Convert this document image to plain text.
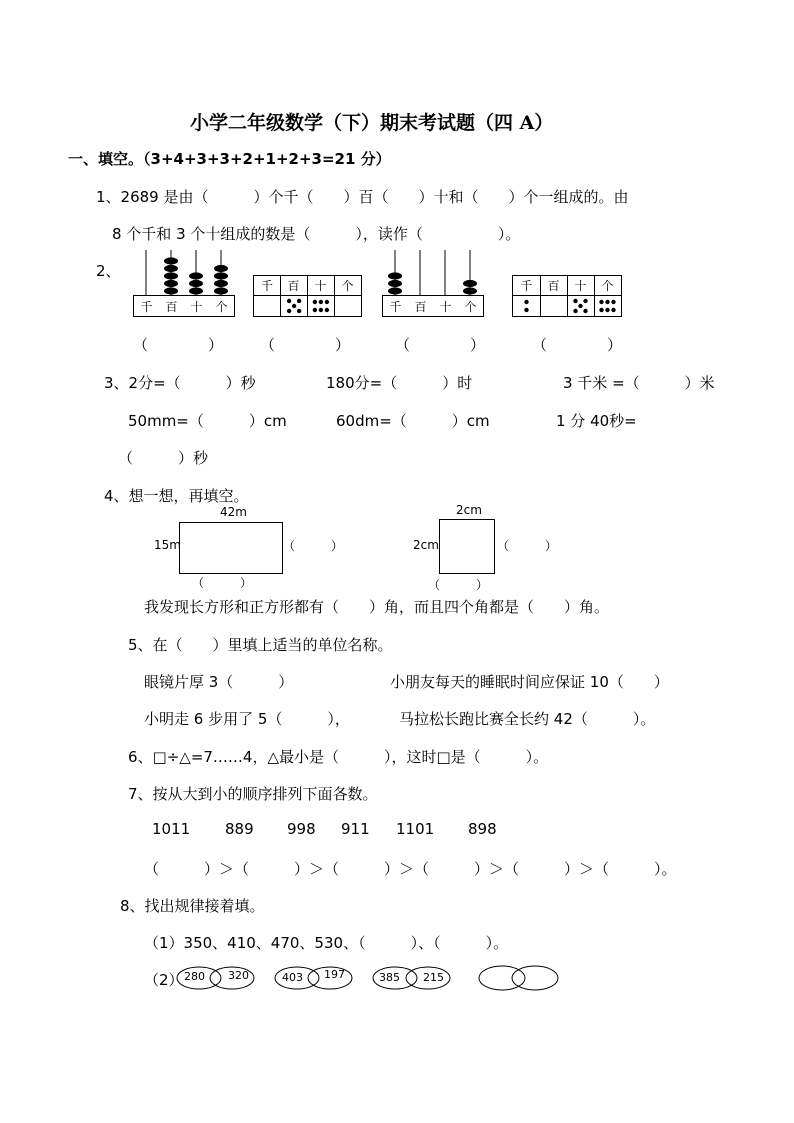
小学二年级数学（下）期末考试题（四 A）
一、填空。（3+4+3+3+2+1+2+3=21 分）
1、2689 是由（　　　）个千（　　）百（　　）十和（　　）个一组成的。由
8 个千和 3 个十组成的数是（　　　），读作（　　　　　）。
2、
千	百	十	个
千	百	十	个
千	百	十	个
千	百	十	个
（　　　　） （　　　　）	（　　　　）	（　　　　）
3、2分=（　　　）秒	180分=（　　　）时	3 千米 =（　　　）米
50mm=（　　　）cm	60dm=（　　　）cm	1 分 40秒=
（　　　）秒
4、想一想，再填空。
42m
15m	（　　　）
（　　　）
2cm
2cm	（　　　）
（　　　）
我发现长方形和正方形都有（　　）角，而且四个角都是（　　）角。
5、在（　　）里填上适当的单位名称。
眼镜片厚 3（　　　）	小朋友每天的睡眠时间应保证 10（　　）
小明走 6 步用了 5（　　　），	马拉松长跑比赛全长约 42（　　　）。
6、□÷△=7……4，△最小是（　　　），这时□是（　　　）。
7、按从大到小的顺序排列下面各数。
1011 889 998 911 1101 898
（　　　）＞（　　　）＞（　　　）＞（　　　）＞（　　　）＞（　　　）。
8、找出规律接着填。
（1）350、410、470、530、（　　　）、（　　　）。
（2） 280 320	403 197	385 215
